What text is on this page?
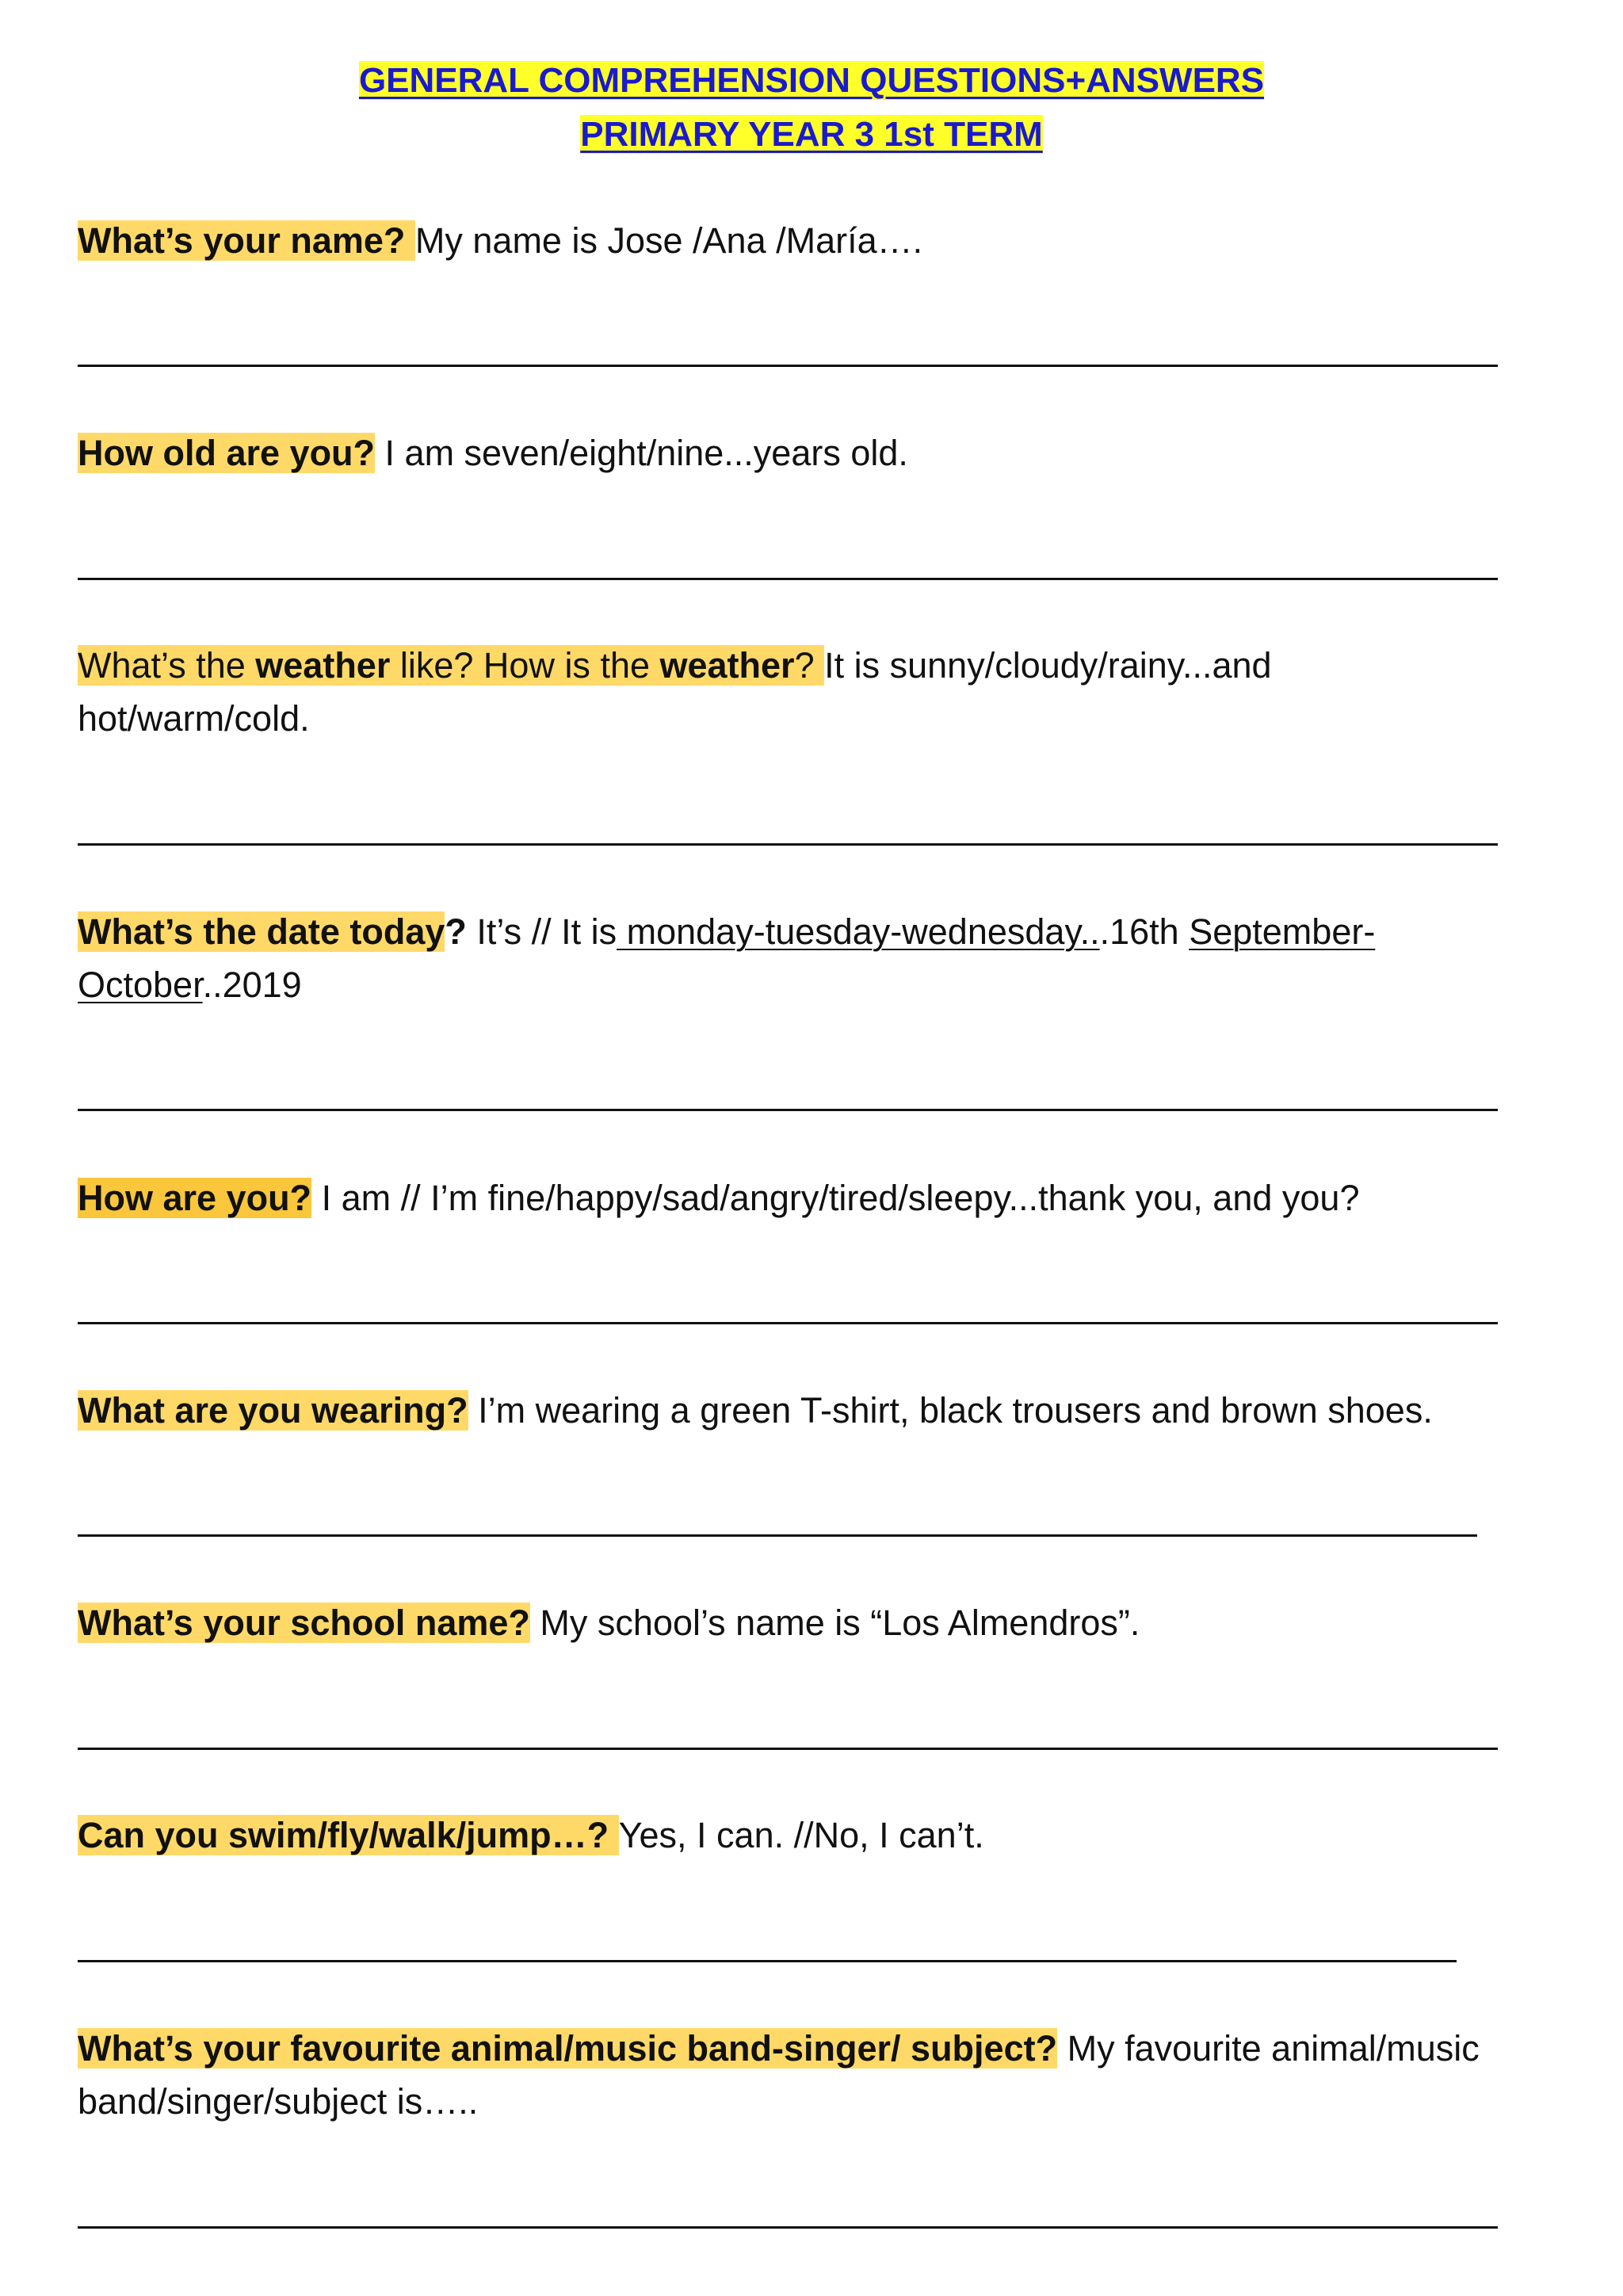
GENERAL COMPREHENSION QUESTIONS+ANSWERS
PRIMARY YEAR 3 1st TERM
What’s your name? My name is Jose /Ana /María….
How old are you? I am seven/eight/nine...years old.
What’s the weather like? How is the weather? It is sunny/cloudy/rainy...and hot/warm/cold.
What’s the date today? It’s // It is monday-tuesday-wednesday...16th September-October..2019
How are you? I am // I’m fine/happy/sad/angry/tired/sleepy...thank you, and you?
What are you wearing? I’m wearing a green T-shirt, black trousers and brown shoes.
What’s your school name? My school’s name is “Los Almendros”.
Can you swim/fly/walk/jump…? Yes, I can. //No, I can’t.
What’s your favourite animal/music band-singer/ subject? My favourite animal/music band/singer/subject is…..
